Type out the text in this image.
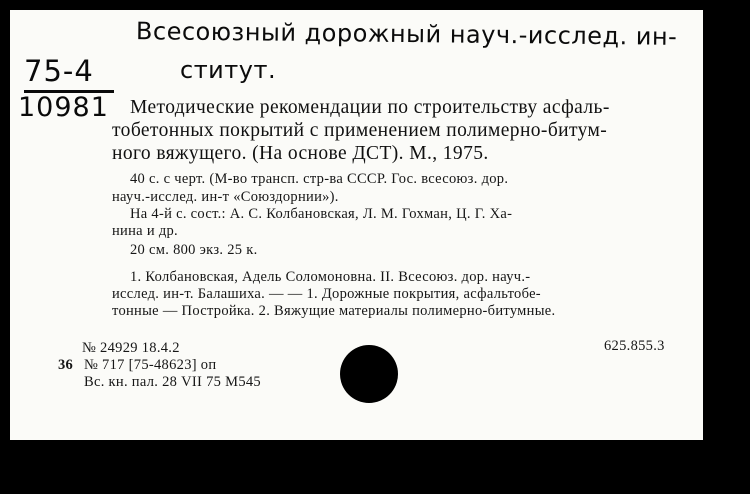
Всесоюзный дорожный науч.-исслед. ин-
ститут.
75-4
10981 Методические рекомендации по строительству асфаль-
тобетонных покрытий с применением полимерно-битум-
ного вяжущего. (На основе ДСТ). М., 1975.
40 с. с черт. (М-во трансп. стр-ва СССР. Гос. всесоюз. дор.
науч.-исслед. ин-т «Союздорнии»).
На 4-й с. сост.: А. С. Колбановская, Л. М. Гохман, Ц. Г. Ха-
нина и др.
20 см. 800 экз. 25 к.
1. Колбановская, Адель Соломоновна. II. Всесоюз. дор. науч.-
исслед. ин-т. Балашиха. — — 1. Дорожные покрытия, асфальтобе-
тонные — Постройка. 2. Вяжущие материалы полимерно-битумные.
625.855.3
№ 24929 18.4.2
36 № 717 [75-48623] оп
Вс. кн. пал. 28 VII 75 М545
